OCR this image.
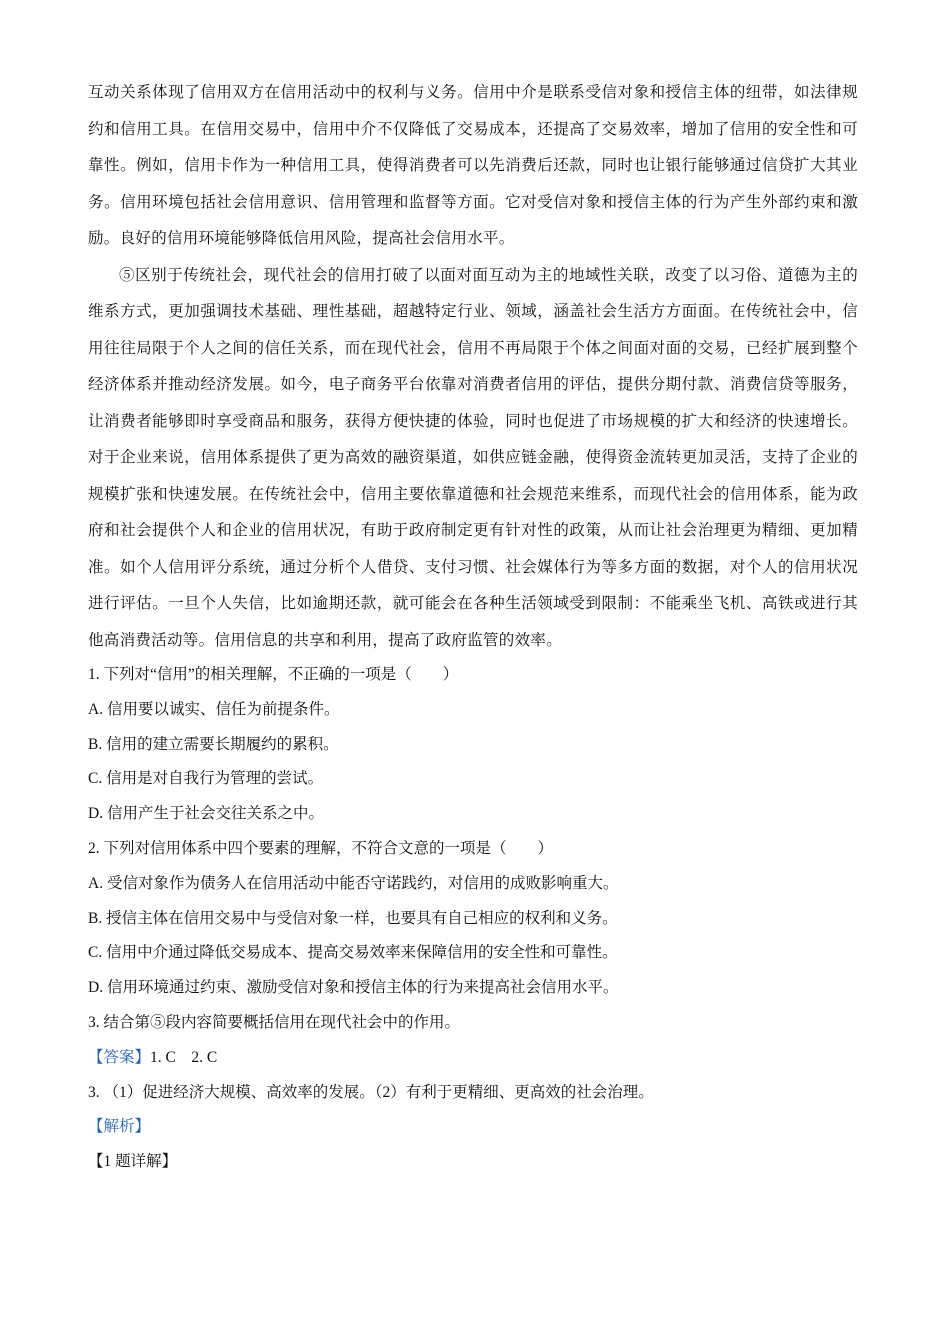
互动关系体现了信用双方在信用活动中的权利与义务。信用中介是联系受信对象和授信主体的纽带，如法律规约和信用工具。在信用交易中，信用中介不仅降低了交易成本，还提高了交易效率，增加了信用的安全性和可靠性。例如，信用卡作为一种信用工具，使得消费者可以先消费后还款，同时也让银行能够通过信贷扩大其业务。信用环境包括社会信用意识、信用管理和监督等方面。它对受信对象和授信主体的行为产生外部约束和激励。良好的信用环境能够降低信用风险，提高社会信用水平。

⑤区别于传统社会，现代社会的信用打破了以面对面互动为主的地域性关联，改变了以习俗、道德为主的维系方式，更加强调技术基础、理性基础，超越特定行业、领域，涵盖社会生活方方面面。在传统社会中，信用往往局限于个人之间的信任关系，而在现代社会，信用不再局限于个体之间面对面的交易，已经扩展到整个经济体系并推动经济发展。如今，电子商务平台依靠对消费者信用的评估，提供分期付款、消费信贷等服务，让消费者能够即时享受商品和服务，获得方便快捷的体验，同时也促进了市场规模的扩大和经济的快速增长。对于企业来说，信用体系提供了更为高效的融资渠道，如供应链金融，使得资金流转更加灵活，支持了企业的规模扩张和快速发展。在传统社会中，信用主要依靠道德和社会规范来维系，而现代社会的信用体系，能为政府和社会提供个人和企业的信用状况，有助于政府制定更有针对性的政策，从而让社会治理更为精细、更加精准。如个人信用评分系统，通过分析个人借贷、支付习惯、社会媒体行为等多方面的数据，对个人的信用状况进行评估。一旦个人失信，比如逾期还款，就可能会在各种生活领域受到限制：不能乘坐飞机、高铁或进行其他高消费活动等。信用信息的共享和利用，提高了政府监管的效率。

1. 下列对“信用”的相关理解，不正确的一项是（　　）

A. 信用要以诚实、信任为前提条件。

B. 信用的建立需要长期履约的累积。

C. 信用是对自我行为管理的尝试。

D. 信用产生于社会交往关系之中。

2. 下列对信用体系中四个要素的理解，不符合文意的一项是（　　）

A. 受信对象作为债务人在信用活动中能否守诺践约，对信用的成败影响重大。

B. 授信主体在信用交易中与受信对象一样，也要具有自己相应的权利和义务。

C. 信用中介通过降低交易成本、提高交易效率来保障信用的安全性和可靠性。

D. 信用环境通过约束、激励受信对象和授信主体的行为来提高社会信用水平。

3. 结合第⑤段内容简要概括信用在现代社会中的作用。

【答案】1. C　2. C

3. （1）促进经济大规模、高效率的发展。（2）有利于更精细、更高效的社会治理。

【解析】

【1 题详解】
